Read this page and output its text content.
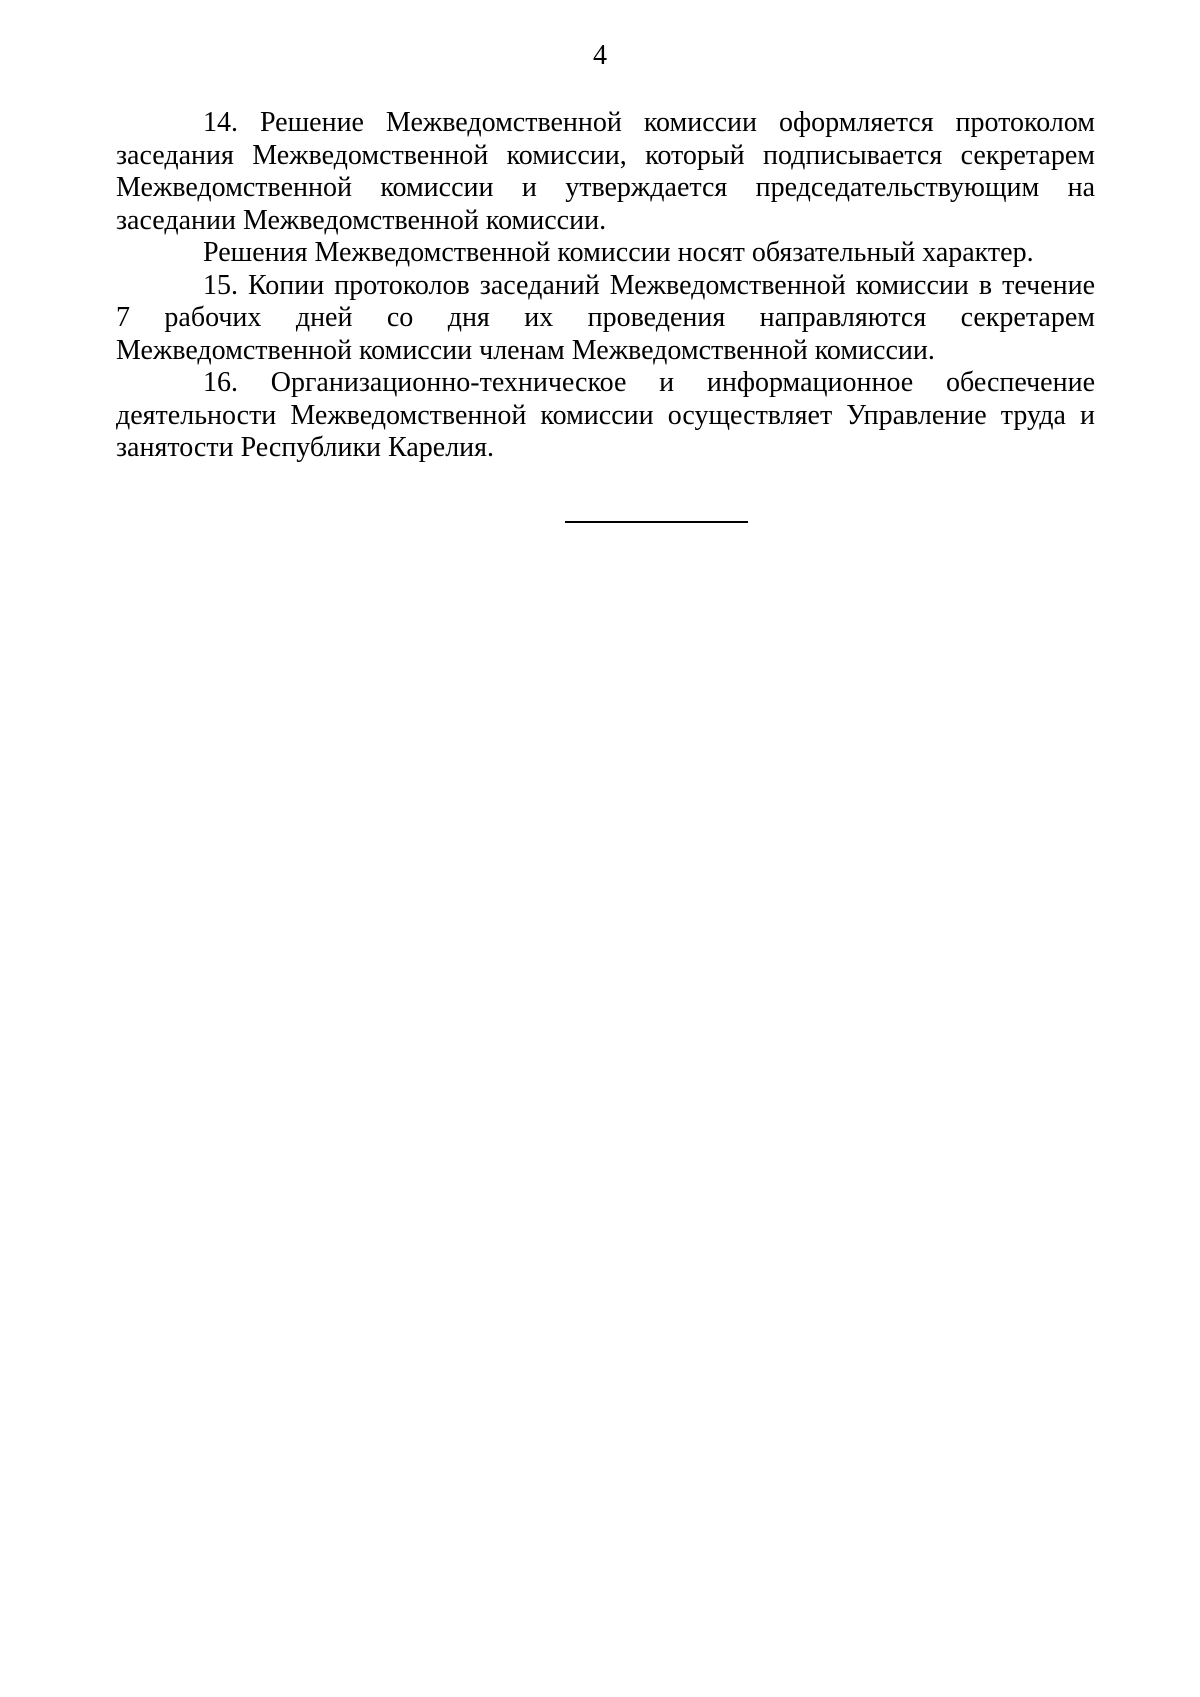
4

14. Решение Межведомственной комиссии оформляется протоколом
заседания Межведомственной комиссии, который подписывается секретарем
Межведомственной комиссии и утверждается председательствующим на
заседании Межведомственной комиссии.

Решения Межведомственной комиссии носят обязательный характер.

15. Копии протоколов заседаний Межведомственной комиссии в течение
7 рабочих дней со дня их проведения направляются секретарем
Межведомственной комиссии членам Межведомственной комиссии.

16. Организационно-техническое и информационное обеспечение
деятельности Межведомственной комиссии осуществляет Управление труда и
занятости Республики Карелия.
